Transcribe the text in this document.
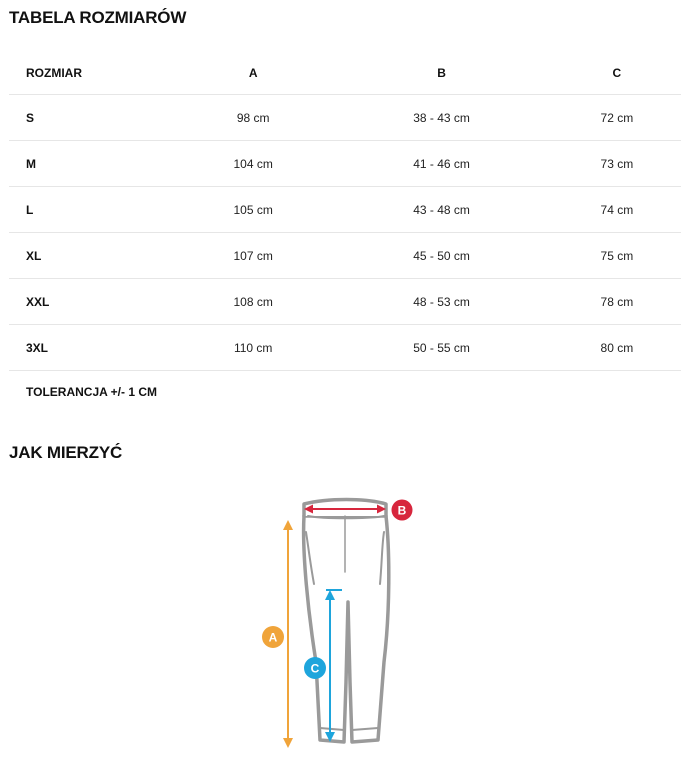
TABELA ROZMIARÓW
ROZMIAR	A	B	C
S	98 cm	38 - 43 cm	72 cm
M	104 cm	41 - 46 cm	73 cm
L	105 cm	43 - 48 cm	74 cm
XL	107 cm	45 - 50 cm	75 cm
XXL	108 cm	48 - 53 cm	78 cm
3XL	110 cm	50 - 55 cm	80 cm
TOLERANCJA +/- 1 CM			
JAK MIERZYĆ
A
B
C
